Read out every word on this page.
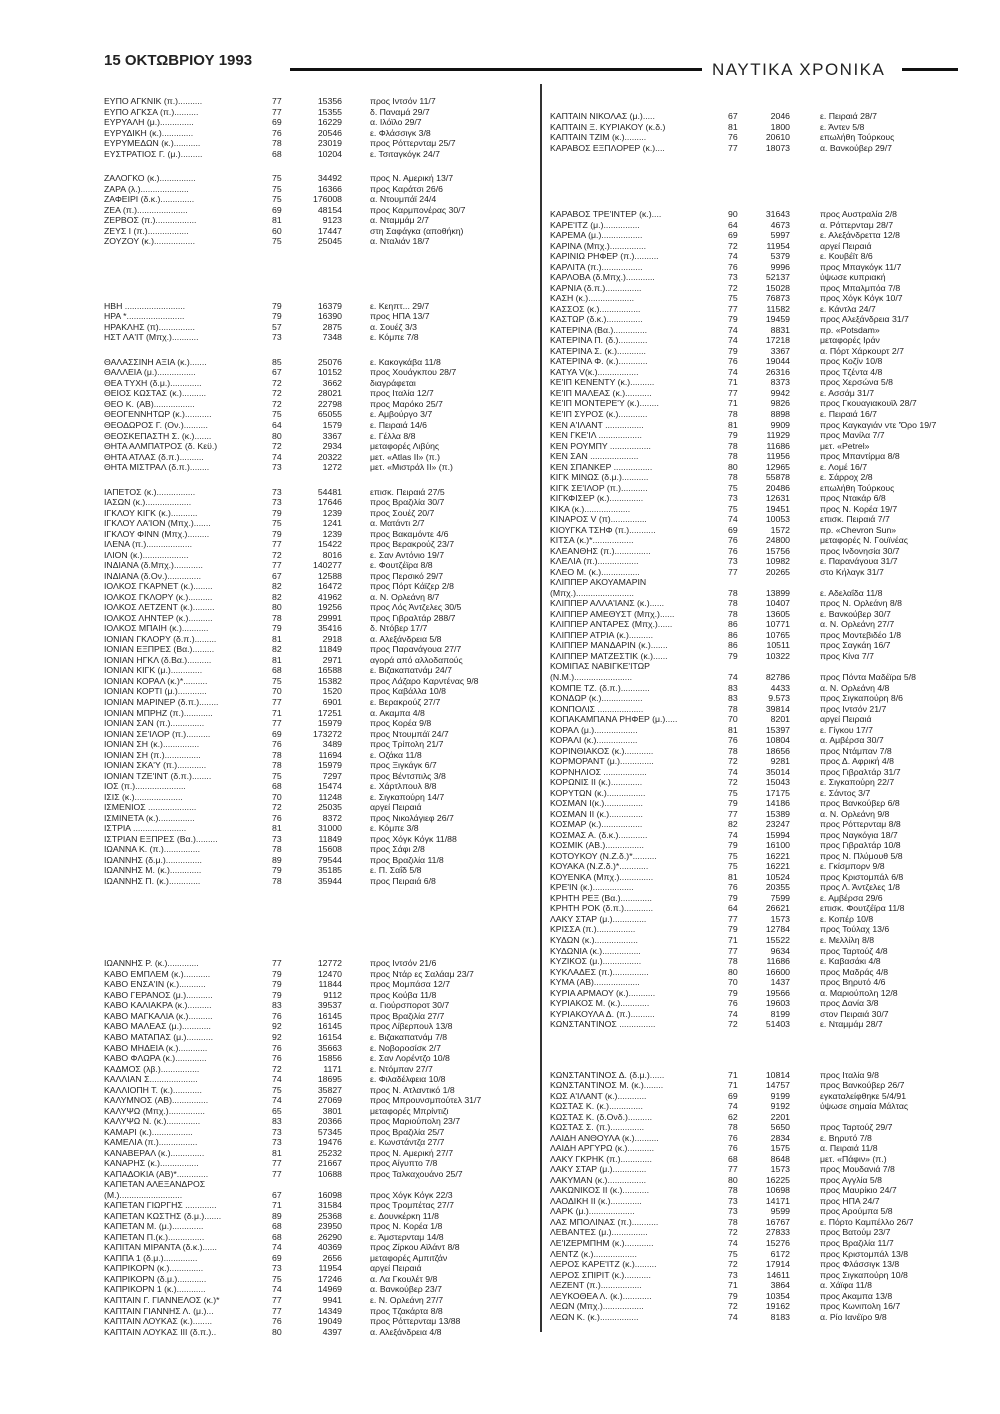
15 ΟΚΤΩΒΡΙΟΥ 1993	ΝΑΥΤΙΚΑ ΧΡΟΝΙΚΑ
ΕΥΠΟ ΑΓΚΝΙΚ (π.)..........	77	15356	προς Ιντσόν 11/7
ΕΥΠΟ ΑΓΚΣΑ (π.)..........	77	15355	δ. Παναμά 29/7
ΕΥΡΥΑΛΗ (μ.)..............	69	16229	α. Ιλόϊλο 29/7
ΕΥΡΥΔΙΚΗ (κ.).............	76	20546	ε. Φλάσσιγκ 3/8
ΕΥΡΥΜΕΔΩΝ (κ.)...........	78	23019	προς Ρόττερνταμ 25/7
ΕΥΣΤΡΑΤΙΟΣ Γ. (μ.).........	68	10204	ε. Τσιταγκόγκ 24/7
ΖΑΛΟΓΚΟ (κ.)...............	75	34492	προς Ν. Αμερική 13/7
ΖΑΡΑ (λ.)....................	75	16366	προς Καράτσι 26/6
ΖΑΦΕΙΡΙ (δ.κ.)..............	75	176008	α. Ντουμπάϊ 24/4
ΖΕΑ (π.).....................	69	48154	προς Καρμπονέρας 30/7
ΖΕΡΒΟΣ (π.).................	81	9123	α. Νταμμάμ 2/7
ΖΕΥΣ Ι (π.).................	60	17447	στη Σαφάγκα (αποθήκη)
ΖΟΥΖΟΥ (κ.).................	75	25045	α. Νταλιάν 18/7
ΗΒΗ .........................	79	16379	ε. Κεηπτ... 29/7
ΗΡΑ *........................	79	16390	προς ΗΠΑ 13/7
ΗΡΑΚΛΗΣ (π)...............	57	2875	α. Σουέζ 3/3
ΗΣΤ ΛΑ'ΙΤ (Μπχ.)...........	73	7348	ε. Κόμπε 7/8
ΘΑΛΑΣΣΙΝΗ ΑΞΙΑ (κ.).......	85	25076	ε. Κακογκάβα 11/8
ΘΑΛΛΕΙΑ (μ.)................	67	10152	προς Χουάγκπου 28/7
ΘΕΑ ΤΥΧΗ (δ.μ.).............	72	3662	διαγράφεται
ΘΕΙΟΣ ΚΩΣΤΑΣ (κ.)..........	72	28021	προς Ιταλία 12/7
ΘΕΟ Κ. (ΑΒ).................	72	22798	προς Μαρόκο 25/7
ΘΕΟΓΕΝΝΗΤΩΡ (κ.)...........	75	65055	ε. Αμβούργο 3/7
ΘΕΟΔΩΡΟΣ Γ. (Ον.)..........	64	1579	ε. Πειραιά 14/6
ΘΕΟΣΚΕΠΑΣΤΗ Σ. (κ.).......	80	3367	ε. Γέλλα 8/8
ΘΗΤΑ ΑΛΜΠΑΤΡΟΣ (δ. Κεϋ.)	72	2934	μεταφορές Λιβύης
ΘΗΤΑ ΑΤΛΑΣ (δ.π.)..........	74	20322	μετ. «Atlas II» (π.)
ΘΗΤΑ ΜΙΣΤΡΑΛ (δ.π.)........	73	1272	μετ. «Μιστράλ ΙΙ» (π.)
ΙΑΠΕΤΟΣ (κ.)................	73	54481	επισκ. Πειραιά 27/5
ΙΑΣΩΝ (κ.)...................	73	17646	προς Βραζιλία 30/7
ΙΓΚΛΟΥ ΚΙΓΚ (κ.)...........	79	1239	προς Σουέζ 20/7
ΙΓΚΛΟΥ ΛΑ'ΙΟΝ (Μπχ.).......	75	1241	α. Ματάντι 2/7
ΙΓΚΛΟΥ ΦΙΝΝ (Μπχ.).........	79	1239	προς Βακαμόντε 4/6
ΙΛΕΝΑ (π.)...................	77	15422	προς Βερακρούζ 23/7
ΙΛΙΟΝ (κ.)...................	72	8016	ε. Σαν Αντόνιο 19/7
ΙΝΔΙΑΝΑ (δ.Μπχ.)............	77	140277	ε. Φουτζέϊρα 8/8
ΙΝΔΙΑΝΑ (δ.Ον.)..............	67	12588	προς Περσικό 29/7
ΙΟΛΚΟΣ ΓΚΑΡΝΕΤ (κ.)........	82	16472	προς Πόρτ Κάϊζερ 2/8
ΙΟΛΚΟΣ ΓΚΛΟΡΥ (κ.)..........	82	41962	α. Ν. Ορλεάνη 8/7
ΙΟΛΚΟΣ ΛΕΤΖΕΝΤ (κ.).........	80	19256	προς Λός Άντζελες 30/5
ΙΟΛΚΟΣ ΛΗΝΤΕΡ (κ.)..........	78	29991	προς Γιβραλτάρ 288/7
ΙΟΛΚΟΣ ΜΠΑΙΗ (κ.)...........	79	35416	δ. Ντόβερ 17/7
ΙΟΝΙΑΝ ΓΚΛΟΡΥ (δ.π.).........	81	2918	α. Αλεξάνδρεια 5/8
ΙΟΝΙΑΝ ΕΞΠΡΕΣ (Βα.).........	82	11849	προς Παρανάγουα 27/7
ΙΟΝΙΑΝ ΗΓΚΛ (δ.Βα.)..........	81	2971	αγορά από αλλοδαπούς
ΙΟΝΙΑΝ ΚΙΓΚ (μ.).............	68	16588	ε. Βιζακαπατνάμ 24/7
ΙΟΝΙΑΝ ΚΟΡΑΛ (κ.)*..........	75	15382	προς Λάζαρο Καρντένας 9/8
ΙΟΝΙΑΝ ΚΟΡΤΙ (μ.)............	70	1520	προς Καβάλλα 10/8
ΙΟΝΙΑΝ ΜΑΡΙΝΕΡ (δ.π.)........	77	6901	ε. Βερακρούζ 27/7
ΙΟΝΙΑΝ ΜΠΡΗΖ (π.)............	71	17251	α. Ακαμπα 4/8
ΙΟΝΙΑΝ ΣΑΝ (π.)..............	77	15979	προς Κορέα 9/8
ΙΟΝΙΑΝ ΣΕ'ΙΛΟΡ (π.)..........	69	173272	προς Ντουμπάϊ 24/7
ΙΟΝΙΑΝ ΣΗ (κ.)...............	76	3489	προς Τρίπολη 21/7
ΙΟΝΙΑΝ ΣΗ (π.)...............	78	11694	ε. Οζάκα 11/8
ΙΟΝΙΑΝ ΣΚΑ'Υ (π.)............	78	15979	προς Ξιγκάγκ 6/7
ΙΟΝΙΑΝ ΤΖΕ'ΙΝΤ (δ.π.)........	75	7297	προς Βέντσπιλς 3/8
ΙΟΣ (π.).....................	68	15474	ε. Χάρτλπουλ 8/8
ΙΣΙΣ (κ.)....................	70	11248	ε. Σιγκαπούρη 14/7
ΙΣΜΕΝΙΟΣ ....................	72	25035	αργεί Πειραιά
ΙΣΜΙΝΕΤΑ (κ.)...............	76	8372	προς Νικολάγιεφ 26/7
ΙΣΤΡΙΑ ......................	81	31000	ε. Κόμπε 3/8
ΙΣΤΡΙΑΝ ΕΞΠΡΕΣ (Βα.).........	73	11849	προς Χόγκ Κόγκ 11/88
ΙΩΑΝΝΑ Κ. (π.)...............	78	15608	προς Σάφι 2/8
ΙΩΑΝΝΗΣ (δ.μ.)...............	89	79544	προς Βραζιλία 11/8
ΙΩΑΝΝΗΣ Μ. (κ.).............	79	35185	ε. Π. Σαΐδ 5/8
ΙΩΑΝΝΗΣ Π. (κ.).............	78	35944	προς Πειραιά 6/8
ΙΩΑΝΝΗΣ Ρ. (κ.).............	77	12772	προς Ιντσόν 21/6
ΚΑΒΟ ΕΜΠΛΕΜ (κ.)...........	79	12470	προς Ντάρ ες Σαλάαμ 23/7
ΚΑΒΟ ΕΝΣΑ'ΙΝ (κ.)...........	79	11844	προς Μομπάσα 12/7
ΚΑΒΟ ΓΕΡΑΝΟΣ (μ.)...........	79	9112	προς Κούβα 11/8
ΚΑΒΟ ΚΑΛΙΑΚΡΑ (κ.)..........	83	39537	α. Γιούρσποροτ 30/7
ΚΑΒΟ ΜΑΓΚΑΛΙΑ (κ.)..........	76	16145	προς Βραζιλία 27/7
ΚΑΒΟ ΜΑΛΕΑΣ (μ.)............	92	16145	προς Λίβερπουλ 13/8
ΚΑΒΟ ΜΑΤΑΠΑΣ (μ.)...........	92	16154	ε. Βιζακαπατνάμ 7/8
ΚΑΒΟ ΜΗΔΕΙΑ (κ.)............	76	35663	ε. Νοβοροσίσκ 2/7
ΚΑΒΟ ΦΛΩΡΑ (κ.).............	76	15856	ε. Σαν Λορέντζο 10/8
ΚΑΔΜΟΣ (λβ.)................	72	1171	ε. Ντόμπαν 27/7
ΚΑΛΛΙΑΝ Σ....................	74	18695	ε. Φιλαδέλφεια 10/8
ΚΑΛΛΙΟΠΗ Τ. (κ.)............	75	35827	προς Ν. Ατλαντικό 1/8
ΚΑΛΥΜΝΟΣ (ΑΒ)...............	74	27069	προς Μπρουνσμπούτελ 31/7
ΚΑΛΥΨΩ (Μπχ.)...............	65	3801	μεταφορές Μπρίντιζι
ΚΑΛΥΨΩ Ν. (κ.)..............	83	20366	προς Μαριούπολη 23/7
ΚΑΜΑΡΙ (κ.).................	73	57345	προς Βραζιλία 25/7
ΚΑΜΕΛΙΑ (π.)................	73	19476	ε. Κωνστάντζα 27/7
ΚΑΝΑΒΕΡΑΛ (κ.)..............	81	25232	προς Ν. Αμερική 27/7
ΚΑΝΑΡΗΣ (κ.)................	77	21667	προς Αίγυπτο 7/8
ΚΑΠΑΔΟΚΙΑ (ΑΒ)*.............	77	10688	προς Ταλκαχουάνο 25/7
ΚΑΠΕΤΑΝ ΑΛΕΞΑΝΔΡΟΣ
(Μ.)..........................	67	16098	προς Χόγκ Κόγκ 22/3
ΚΑΠΕΤΑΝ ΓΙΩΡΓΗΣ .............	71	31584	προς Τρομπέτας 27/7
ΚΑΠΕΤΑΝ ΚΩΣΤΗΣ (δ.μ.).......	89	25368	ε. Δουνκέρκη 11/8
ΚΑΠΕΤΑΝ Μ. (μ.).............	68	23950	προς Ν. Κορέα 1/8
ΚΑΠΕΤΑΝ Π.(κ.)...............	68	26290	ε. Άμστερνταμ 14/8
ΚΑΠΙΤΑΝ ΜΙΡΑΝΤΑ (δ.κ.)......	74	40369	προς Ζίρκου Αϊλάντ 8/8
ΚΑΠΠΑ 1 (δ.μ.)..............	69	2656	μεταφορές Αμπιτζάν
ΚΑΠΡΙΚΟΡΝ (κ.)..............	73	11954	αργεί Πειραιά
ΚΑΠΡΙΚΟΡΝ (δ.μ.)............	75	17246	α. Λα Γκουλέτ 9/8
ΚΑΠΡΙΚΟΡΝ 1 (κ.)............	74	14969	α. Βανκούβερ 23/7
ΚΑΠΤΑΙΝ Γ. ΓΙΑΝΝΕΛΟΣ (κ.)*	77	9941	ε. Ν. Ορλεάνη 27/7
ΚΑΠΤΑΙΝ ΓΙΑΝΝΗΣ Λ. (μ.)...	77	14349	προς Τζακάρτα 8/8
ΚΑΠΤΑΙΝ ΛΟΥΚΑΣ (κ.)........	76	19049	προς Ρόττερνταμ 13/88
ΚΑΠΤΑΙΝ ΛΟΥΚΑΣ ΙΙΙ (δ.π.)..	80	4397	α. Αλεξάνδρεια 4/8
ΚΑΠΤΑΙΝ ΝΙΚΟΛΑΣ (μ.).....	67	2046	ε. Πειραιά 28/7
ΚΑΠΤΑΙΝ Ξ. ΚΥΡΙΑΚΟΥ (κ.δ.)	81	1800	ε. Άντεν 5/8
ΚΑΠΤΑΙΝ ΤΖΙΜ (κ.).........	76	20610	επωλήθη Τούρκους
ΚΑΡΑΒΟΣ ΕΞΠΛΟΡΕΡ (κ.)....	77	18073	α. Βανκούβερ 29/7
ΚΑΡΑΒΟΣ ΤΡΕ'ΙΝΤΕΡ (κ.)....	90	31643	προς Αυστραλία 2/8
ΚΑΡΕ'ΙΤΖ (μ.)...............	64	4673	α. Ρόττερνταμ 28/7
ΚΑΡΕΜΑ (μ.).................	69	5997	ε. Αλεξάνδρεττα 12/8
ΚΑΡΙΝΑ (Μπχ.)...............	72	11954	αργεί Πειραιά
ΚΑΡΙΝΙΩ ΡΗΦΕΡ (π.)..........	74	5379	ε. Κουβέϊτ 8/6
ΚΑΡΛΙΤΑ (π.).................	76	9996	προς Μπαγκόγκ 11/7
ΚΑΡΛΟΒΑ (δ.Μπχ.)............	73	52137	ύψωσε κυπριακή
ΚΑΡΝΙΑ (δ.π.)...............	72	15028	προς Μπαλμπόα 7/8
ΚΑΣΗ (κ.)...................	75	76873	προς Χόγκ Κόγκ 10/7
ΚΑΣΣΟΣ (κ.).................	77	11582	ε. Κάντλα 24/7
ΚΑΣΤΩΡ (δ.κ.)...............	79	19459	προς Αλεξάνδρεια 31/7
ΚΑΤΕΡΙΝΑ (Βα.)..............	74	8831	πρ. «Potsdam»
ΚΑΤΕΡΙΝΑ Π. (δ.)............	74	17218	μεταφορές Ιράν
ΚΑΤΕΡΙΝΑ Σ. (κ.)............	79	3367	α. Πόρτ Χάρκουρτ 2/7
ΚΑΤΕΡΙΝΑ Φ. (κ.)............	76	19044	προς Κοζίν 10/8
ΚΑΤΥΑ V(κ.).................	74	26316	προς Τζέντα 4/8
ΚΕ'ΙΠ ΚΕΝΕΝΤΥ (κ.)..........	71	8373	προς Χερσώνα 5/8
ΚΕ'ΙΠ ΜΑΛΕΑΣ (κ.)...........	77	9942	ε. Ασσάμ 31/7
ΚΕ'ΙΠ ΜΟΝΤΕΡΕ'Υ (κ.)........	71	9826	προς Γκουαγιακουϊλ 28/7
ΚΕ'ΙΠ ΣΥΡΟΣ (κ.)............	78	8898	ε. Πειραιά 16/7
ΚΕΝ Α'ΙΛΑΝΤ ................	81	9909	προς Καγκαγιάν ντε 'Όρο 19/7
ΚΕΝ ΓΚΕ'ΙΛ ..................	79	11929	προς Μανίλα 7/7
ΚΕΝ ΡΟΥΜΠΥ .................	78	11686	μετ. «Petrel»
ΚΕΝ ΣΑΝ ....................	78	11956	προς Μπαντίρμα 8/8
ΚΕΝ ΣΠΑΝΚΕΡ ................	80	12965	ε. Λομέ 16/7
ΚΙΓΚ ΜΙΝΩΣ (δ.μ.)...........	78	55878	ε. Σάρροχ 2/8
ΚΙΓΚ ΣΕ'ΙΛΟΡ (π.)...........	75	20486	επωλήθη Τούρκους
ΚΙΓΚΦΙΣΕΡ (κ.)..............	73	12631	προς Ντακάρ 6/8
ΚΙΚΑ (κ.)...................	75	19451	προς Ν. Κορέα 19/7
ΚΙΝΑΡΟΣ V (π)...............	74	10053	επισκ. Πειραιά 7/7
ΚΙΟΥΓΚΑ ΤΣΗΦ (π.)...........	69	1572	πρ. «Chevron Sun»
ΚΙΤΣΑ (κ.)*.................	76	24800	μεταφορές Ν. Γουϊνέας
ΚΛΕΑΝΘΗΣ (π.)...............	76	15756	προς Ινδονησία 30/7
ΚΛΕΛΙΑ (π.).................	73	10982	ε. Παρανάγουα 31/7
ΚΛΕΟ Μ. (κ.)................	77	20265	στο Κήλαγκ 31/7
ΚΛΙΠΠΕΡ ΑΚΟΥΑΜΑΡΙΝ
(Μπχ.)........................	78	13899	ε. Αδελαΐδα 11/8
ΚΛΙΠΠΕΡ ΑΛΛΑ'ΙΑΝΣ (κ.)......	78	10407	προς Ν. Ορλεάνη 8/8
ΚΛΙΠΠΕΡ ΑΜΕΘΥΣΤ (Μπχ.)......	78	13605	ε. Βανκούβερ 30/7
ΚΛΙΠΠΕΡ ΑΝΤΑΡΕΣ (Μπχ.)......	86	10771	α. Ν. Ορλεάνη 27/7
ΚΛΙΠΠΕΡ ΑΤΡΙΑ (κ.)..........	86	10765	προς Μοντεβιδέο 1/8
ΚΛΙΠΠΕΡ ΜΑΝΔΑΡΙΝ (κ.).......	86	10511	προς Σαγκάη 16/7
ΚΛΙΠΠΕΡ ΜΑΤΖΕΣΤΙΚ (κ.)......	79	10322	προς Κίνα 7/7
ΚΟΜΙΠΑΣ ΝΑΒΙΓΚΕ'ΙΤΩΡ
(Ν.Μ.)........................	74	82786	προς Πόντα Μαδέϊρα 5/8
ΚΟΜΠΕ ΤΖ. (δ.π.)............	83	4433	α. Ν. Ορλεάνη 4/8
ΚΟΝΔΩΡ (κ.).................	83	9.573	προς Σιγκαπούρη 8/6
ΚΟΝΠΟΛΙΣ ...................	78	39814	προς Ιντσόν 21/7
ΚΟΠΑΚΑΜΠΑΝΑ ΡΗΦΕΡ (μ.).....	70	8201	αργεί Πειραιά
ΚΟΡΑΛ (μ.)..................	81	15397	ε. Γίγκου 17/7
ΚΟΡΑΛΙ (κ.).................	76	10804	α. Αμβέρσα 30/7
ΚΟΡΙΝΘΙΑΚΟΣ (κ.)............	78	18656	προς Ντάμπαν 7/8
ΚΟΡΜΟΡΑΝΤ (μ.)..............	72	9281	προς Δ. Αφρική 4/8
ΚΟΡΝΗΛΙΟΣ ..................	74	35014	προς Γιβραλτάρ 31/7
ΚΟΡΩΝΙΣ ΙΙ (κ.).............	72	15043	ε. Σιγκαπούρη 22/7
ΚΟΡΥΤΩΝ (κ.)................	75	17175	ε. Σάντος 3/7
ΚΟΣΜΑΝ Ι(κ.)................	79	14186	προς Βανκούβερ 6/8
ΚΟΣΜΑΝ ΙΙ (κ.)..............	77	15389	α. Ν. Ορλεάνη 9/8
ΚΟΣΜΑΡ (κ.).................	82	23247	προς Ρόττερνταμ 8/8
ΚΟΣΜΑΣ Α. (δ.κ.)............	74	15994	προς Ναγκόγια 18/7
ΚΟΣΜΙΚ (ΑΒ.)................	79	16100	προς Γιβραλτάρ 10/8
ΚΟΤΟΥΚΟΥ (Ν.Ζ.δ.)*..........	75	16221	προς Ν. Πλύμουθ 5/8
ΚΟΥΑΚΑ (Ν.Ζ.δ.)*............	75	16221	ε. Γκίσμπορν 9/8
ΚΟΥΕΝΚΑ (Μπχ.)..............	81	10524	προς Κριστομπάλ 6/8
ΚΡΕ'ΙΝ (κ.).................	76	20355	προς Λ. Άντζελες 1/8
ΚΡΗΤΗ ΡΕΞ (Βα.).............	79	7599	ε. Αμβέρσα 29/6
ΚΡΗΤΗ ΡΟΚ (δ.π.)............	64	26621	επισκ. Φουτζέϊρα 11/8
ΛΑΚΥ ΣΤΑΡ (μ.)..............	77	1573	ε. Κοπέρ 10/8
ΚΡΙΣΣΑ (π.)................	79	12784	προς Τούλαχ 13/6
ΚΥΔΩΝ (κ.)..................	71	15522	ε. Μελλίλη 8/8
ΚΥΔΩΝΙΑ (κ.)................	77	9634	προς Ταρτούζ 4/8
ΚΥΖΙΚΟΣ (μ.)................	78	11686	ε. Καβασάκι 4/8
ΚΥΚΛΑΔΕΣ (π.)...............	80	16600	προς Μαδράς 4/8
ΚΥΜΑ (ΑΒ)...................	70	1437	προς Βηρυτό 4/6
ΚΥΡΙΑ ΑΡΜΑΟΥ (κ.)...........	79	19566	α. Μαριούπολη 12/8
ΚΥΡΙΑΚΟΣ Μ. (κ.)............	76	19603	προς Δανία 3/8
ΚΥΡΙΑΚΟΥΛΑ Δ. (π.)..........	74	8199	στον Πειραιά 30/7
ΚΩΝΣΤΑΝΤΙΝΟΣ ...............	72	51403	ε. Νταμμάμ 28/7
ΚΩΝΣΤΑΝΤΙΝΟΣ Δ. (δ.μ.)......	71	10814	προς Ιταλία 9/8
ΚΩΝΣΤΑΝΤΙΝΟΣ Μ. (κ.)........	71	14757	προς Βανκούβερ 26/7
ΚΩΣ Α'ΙΛΑΝΤ (κ.)............	69	9199	εγκαταλείφθηκε 5/4/91
ΚΩΣΤΑΣ Κ. (κ.)..............	74	9192	ύψωσε σημαία Μάλτας
ΚΩΣΤΑΣ Κ. (δ.Ονδ.)..........	62	2201
ΚΩΣΤΑΣ Σ. (π.)..............	78	5650	προς Ταρτούζ 29/7
ΛΑΙΔΗ ΑΝΘΟΥΛΑ (κ.)..........	76	2834	ε. Βηρυτό 7/8
ΛΑΙΔΗ ΑΡΓΥΡΩ (κ.)...........	76	1575	α. Πειραιά 11/8
ΛΑΚΥ ΓΚΡΗΚ (π.).............	68	8648	μετ. «Πάφιν» (π.)
ΛΑΚΥ ΣΤΑΡ (μ.)..............	77	1573	προς Μουδανιά 7/8
ΛΑΚΥΜΑΝ (κ.)................	80	16225	προς Αγγλία 5/8
ΛΑΚΩΝΙΚΟΣ ΙΙ (κ.)...........	78	10698	προς Μαυρίκιο 24/7
ΛΑΟΔΙΚΗ ΙΙ (κ.).............	73	14171	προς ΗΠΑ 24/7
ΛΑΡΚ (μ.)...................	73	9599	προς Αρούμπα 5/8
ΛΑΣ ΜΠΟΛΙΝΑΣ (π.)...........	78	16767	ε. Πόρτο Καμπέλλο 26/7
ΛΕΒΑΝΤΕΣ (μ.)...............	72	27833	προς Βατούμ 23/7
ΛΕ'ΙΖΕΡΜΠΗΜ (κ.)............	74	15276	προς Βραζιλία 11/7
ΛΕΝΤΖ (κ.)..................	75	6172	προς Κριστομπάλ 13/8
ΛΕΡΟΣ ΚΑΡΕ'ΙΤΖ (κ.).........	72	17914	προς Φλάσσιγκ 13/8
ΛΕΡΟΣ ΣΠΙΡΙΤ (κ.)...........	73	14611	προς Σιγκαπούρη 10/8
ΛΕΖΕΝΤ (π.).................	71	3864	α. Χάϊφα 11/8
ΛΕΥΚΟΘΕΑ Λ. (κ.)............	79	10354	προς Ακαμπα 13/8
ΛΕΩΝ (Μπχ.).................	72	19162	προς Κωνιπολη 16/7
ΛΕΩΝ Κ. (κ.)................	74	8183	α. Ρίο Ιανέϊρο 9/8
